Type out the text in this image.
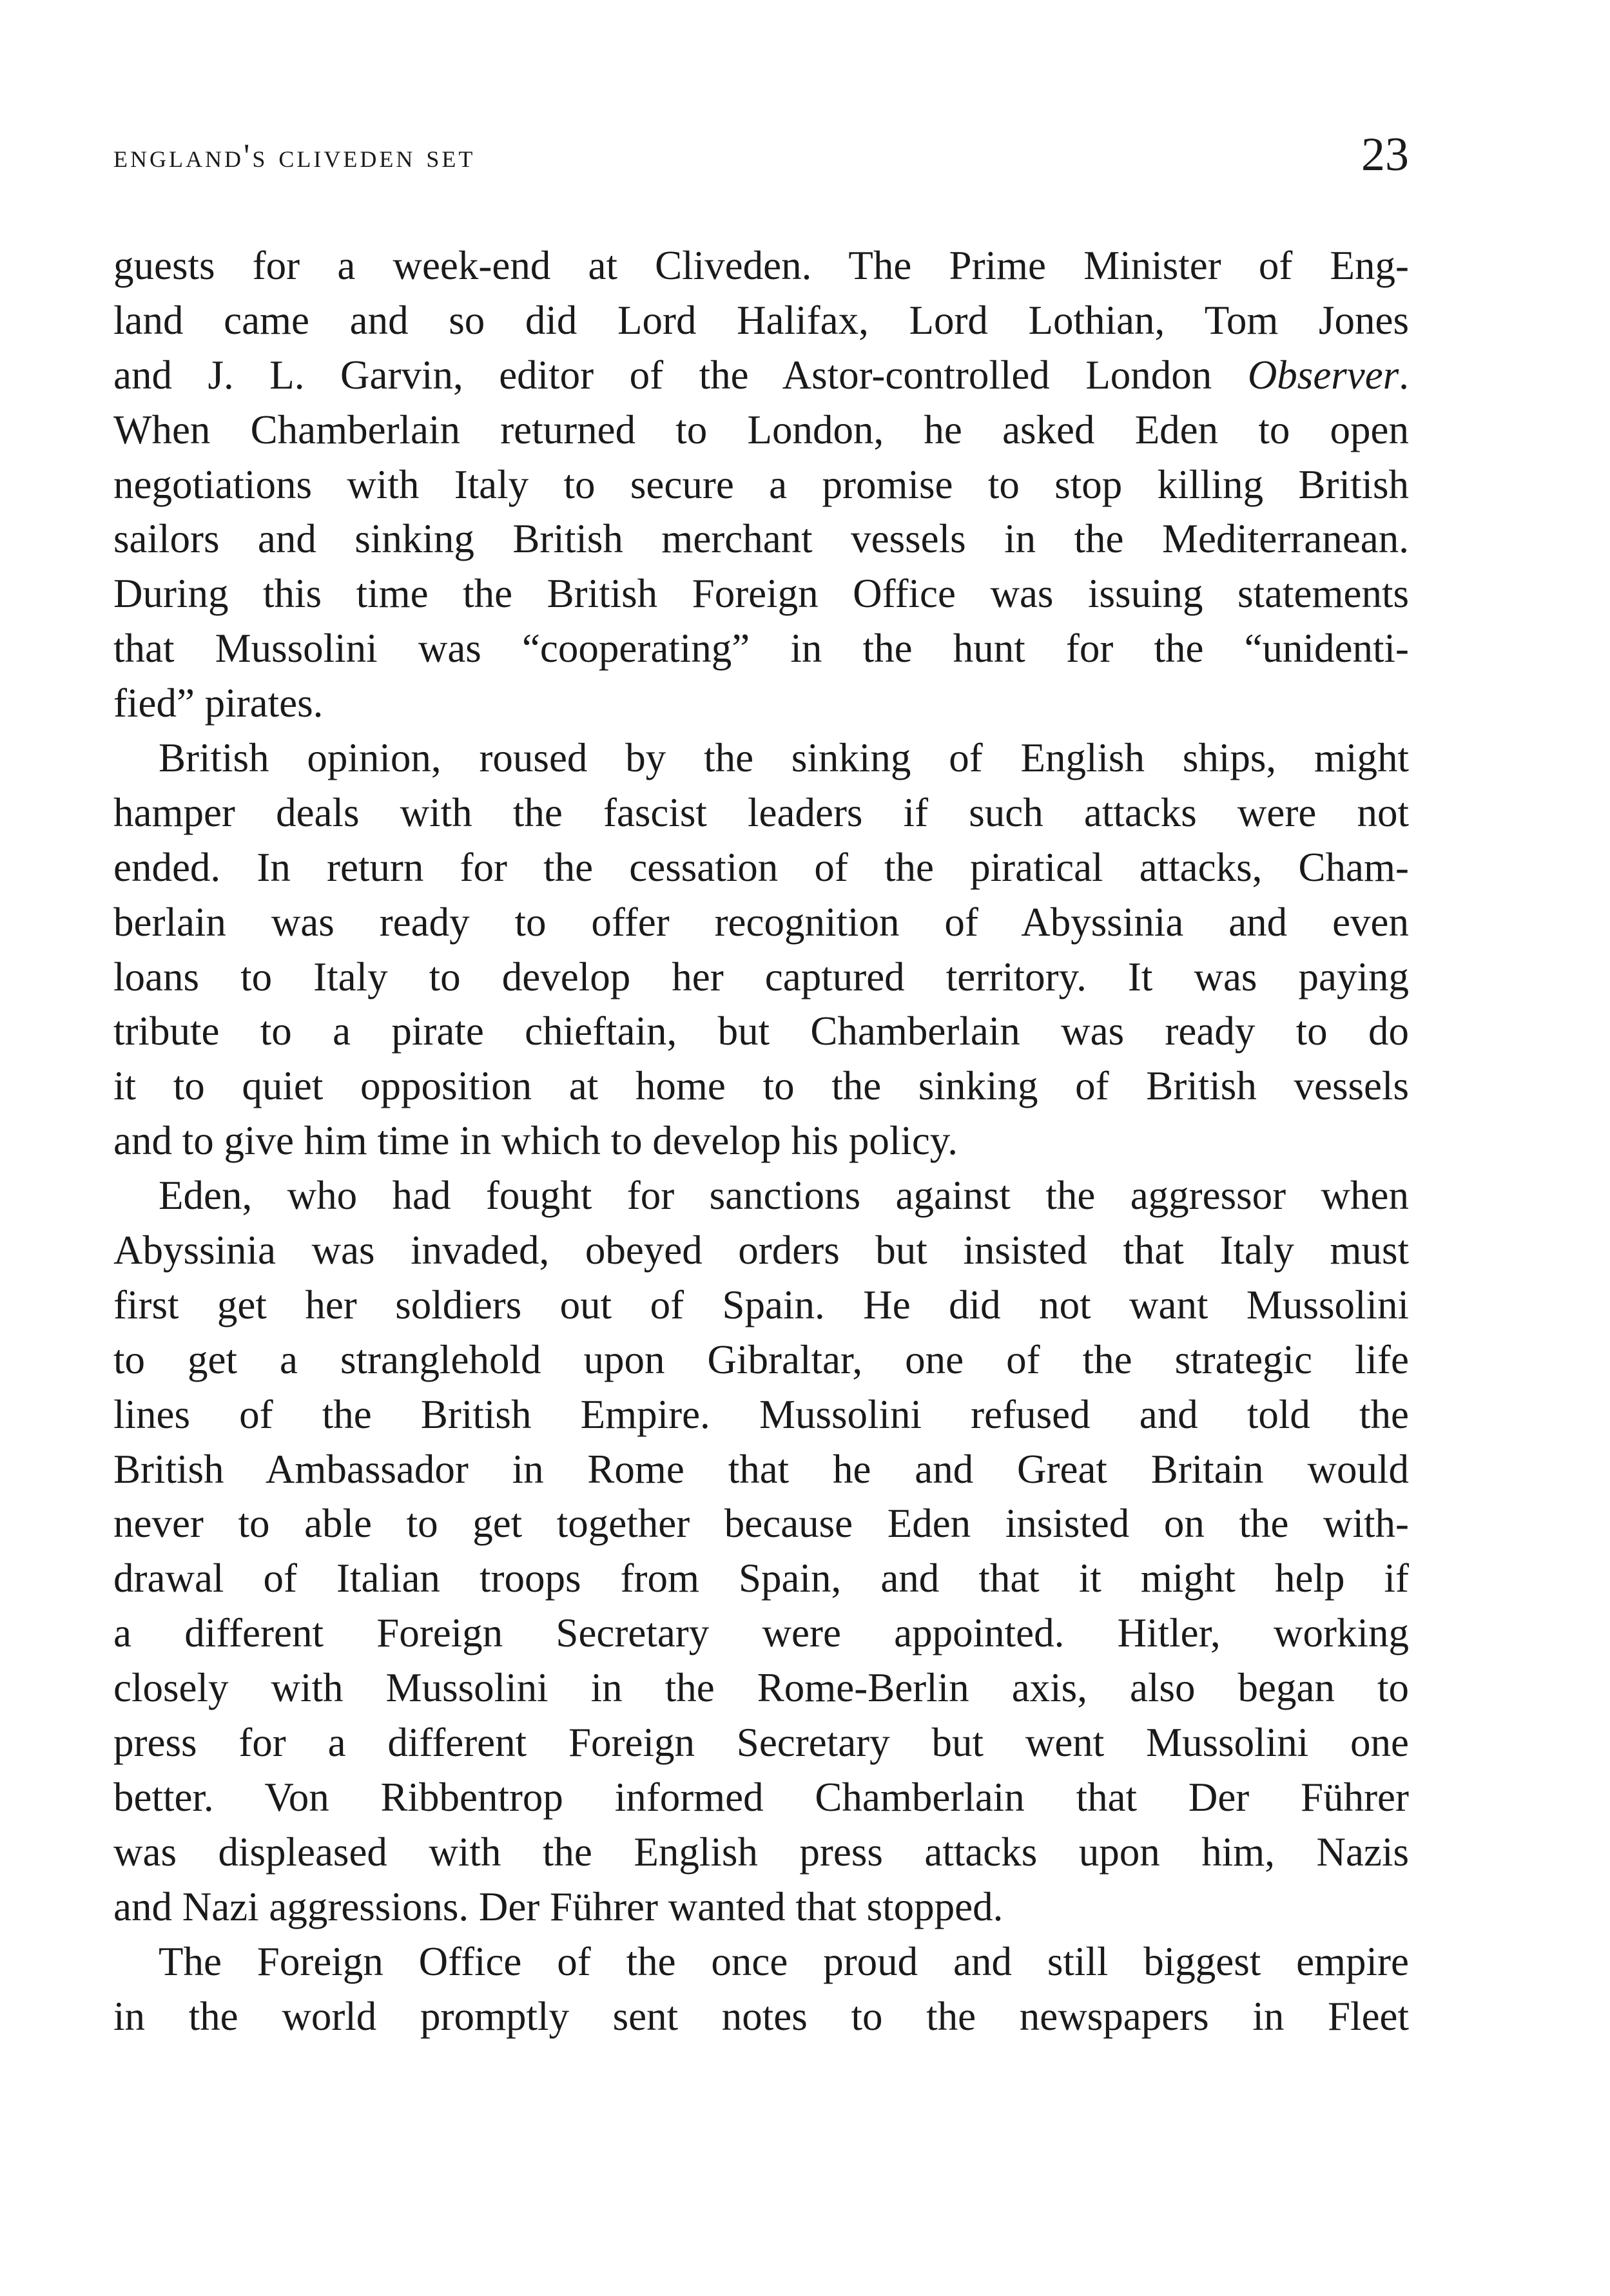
england's cliveden set	23
guests for a week-end at Cliveden. The Prime Minister of Eng-
land came and so did Lord Halifax, Lord Lothian, Tom Jones
and J. L. Garvin, editor of the Astor-controlled London Observer.
When Chamberlain returned to London, he asked Eden to open
negotiations with Italy to secure a promise to stop killing British
sailors and sinking British merchant vessels in the Mediterranean.
During this time the British Foreign Office was issuing statements
that Mussolini was “cooperating” in the hunt for the “unidenti-
fied” pirates.
British opinion, roused by the sinking of English ships, might
hamper deals with the fascist leaders if such attacks were not
ended. In return for the cessation of the piratical attacks, Cham-
berlain was ready to offer recognition of Abyssinia and even
loans to Italy to develop her captured territory. It was paying
tribute to a pirate chieftain, but Chamberlain was ready to do
it to quiet opposition at home to the sinking of British vessels
and to give him time in which to develop his policy.
Eden, who had fought for sanctions against the aggressor when
Abyssinia was invaded, obeyed orders but insisted that Italy must
first get her soldiers out of Spain. He did not want Mussolini
to get a stranglehold upon Gibraltar, one of the strategic life
lines of the British Empire. Mussolini refused and told the
British Ambassador in Rome that he and Great Britain would
never to able to get together because Eden insisted on the with-
drawal of Italian troops from Spain, and that it might help if
a different Foreign Secretary were appointed. Hitler, working
closely with Mussolini in the Rome-Berlin axis, also began to
press for a different Foreign Secretary but went Mussolini one
better. Von Ribbentrop informed Chamberlain that Der Führer
was displeased with the English press attacks upon him, Nazis
and Nazi aggressions. Der Führer wanted that stopped.
The Foreign Office of the once proud and still biggest empire
in the world promptly sent notes to the newspapers in Fleet
